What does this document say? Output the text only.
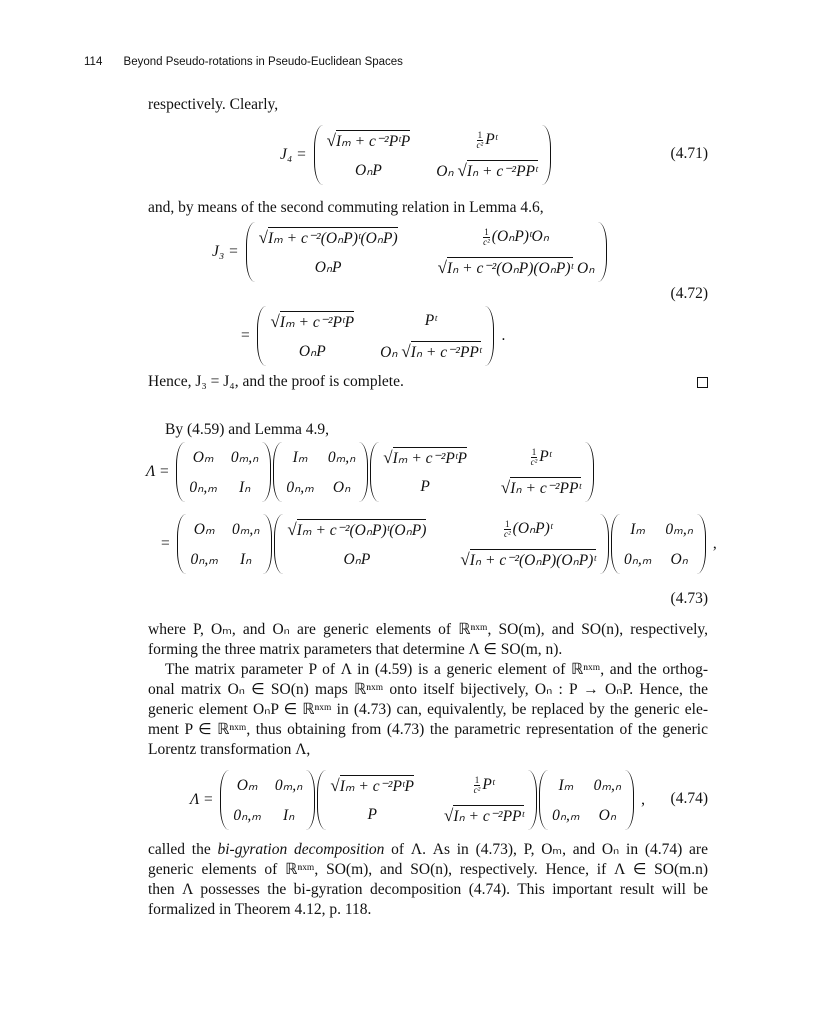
114 Beyond Pseudo-rotations in Pseudo-Euclidean Spaces
respectively. Clearly,
J₄ =
√ Iₘ + c⁻²PᵗP	$\frac{1}{\text{c²}}$ Pᵗ
OₙP	Oₙ √ Iₙ + c⁻²PPᵗ
(4.71)
and, by means of the second commuting relation in Lemma 4.6,
J₃ =
√ Iₘ + c⁻²(OₙP)ᵗ(OₙP)	$\frac{1}{\text{c²}}$ (OₙP)ᵗOₙ
OₙP	√ Iₙ + c⁻²(OₙP)(OₙP)ᵗ Oₙ
=
√ Iₘ + c⁻²PᵗP	Pᵗ
OₙP	Oₙ √ Iₙ + c⁻²PPᵗ
.
(4.72)
Hence, J₃ = J₄, and the proof is complete.
By (4.59) and Lemma 4.9,
Λ =
Oₘ 0ₘ,ₙ
0ₙ,ₘ Iₙ
Iₘ 0ₘ,ₙ
0ₙ,ₘ Oₙ
√ Iₘ + c⁻²PᵗP	$\frac{1}{\text{c²}}$ Pᵗ
P	√ Iₙ + c⁻²PPᵗ
=
Oₘ 0ₘ,ₙ
0ₙ,ₘ Iₙ
√ Iₘ + c⁻²(OₙP)ᵗ(OₙP)	$\frac{1}{\text{c²}}$ (OₙP)ᵗ
OₙP	√ Iₙ + c⁻²(OₙP)(OₙP)ᵗ
Iₘ 0ₘ,ₙ
0ₙ,ₘ Oₙ
,
(4.73)
where P, Oₘ, and Oₙ are generic elements of ℝⁿˣᵐ, SO(m), and SO(n), respectively,
forming the three matrix parameters that determine Λ ∈ SO(m, n).
The matrix parameter P of Λ in (4.59) is a generic element of ℝⁿˣᵐ, and the orthog-
onal matrix Oₙ ∈ SO(n) maps ℝⁿˣᵐ onto itself bijectively, Oₙ : P → OₙP. Hence, the
generic element OₙP ∈ ℝⁿˣᵐ in (4.73) can, equivalently, be replaced by the generic ele-
ment P ∈ ℝⁿˣᵐ, thus obtaining from (4.73) the parametric representation of the generic
Lorentz transformation Λ,
Λ =
Oₘ 0ₘ,ₙ
0ₙ,ₘ Iₙ
√ Iₘ + c⁻²PᵗP	$\frac{1}{\text{c²}}$ Pᵗ
P	√ Iₙ + c⁻²PPᵗ
Iₘ 0ₘ,ₙ
0ₙ,ₘ Oₙ
, (4.74)
called the bi-gyration decomposition of Λ. As in (4.73), P, Oₘ, and Oₙ in (4.74) are
generic elements of ℝⁿˣᵐ, SO(m), and SO(n), respectively. Hence, if Λ ∈ SO(m.n)
then Λ possesses the bi-gyration decomposition (4.74). This important result will be
formalized in Theorem 4.12, p. 118.
